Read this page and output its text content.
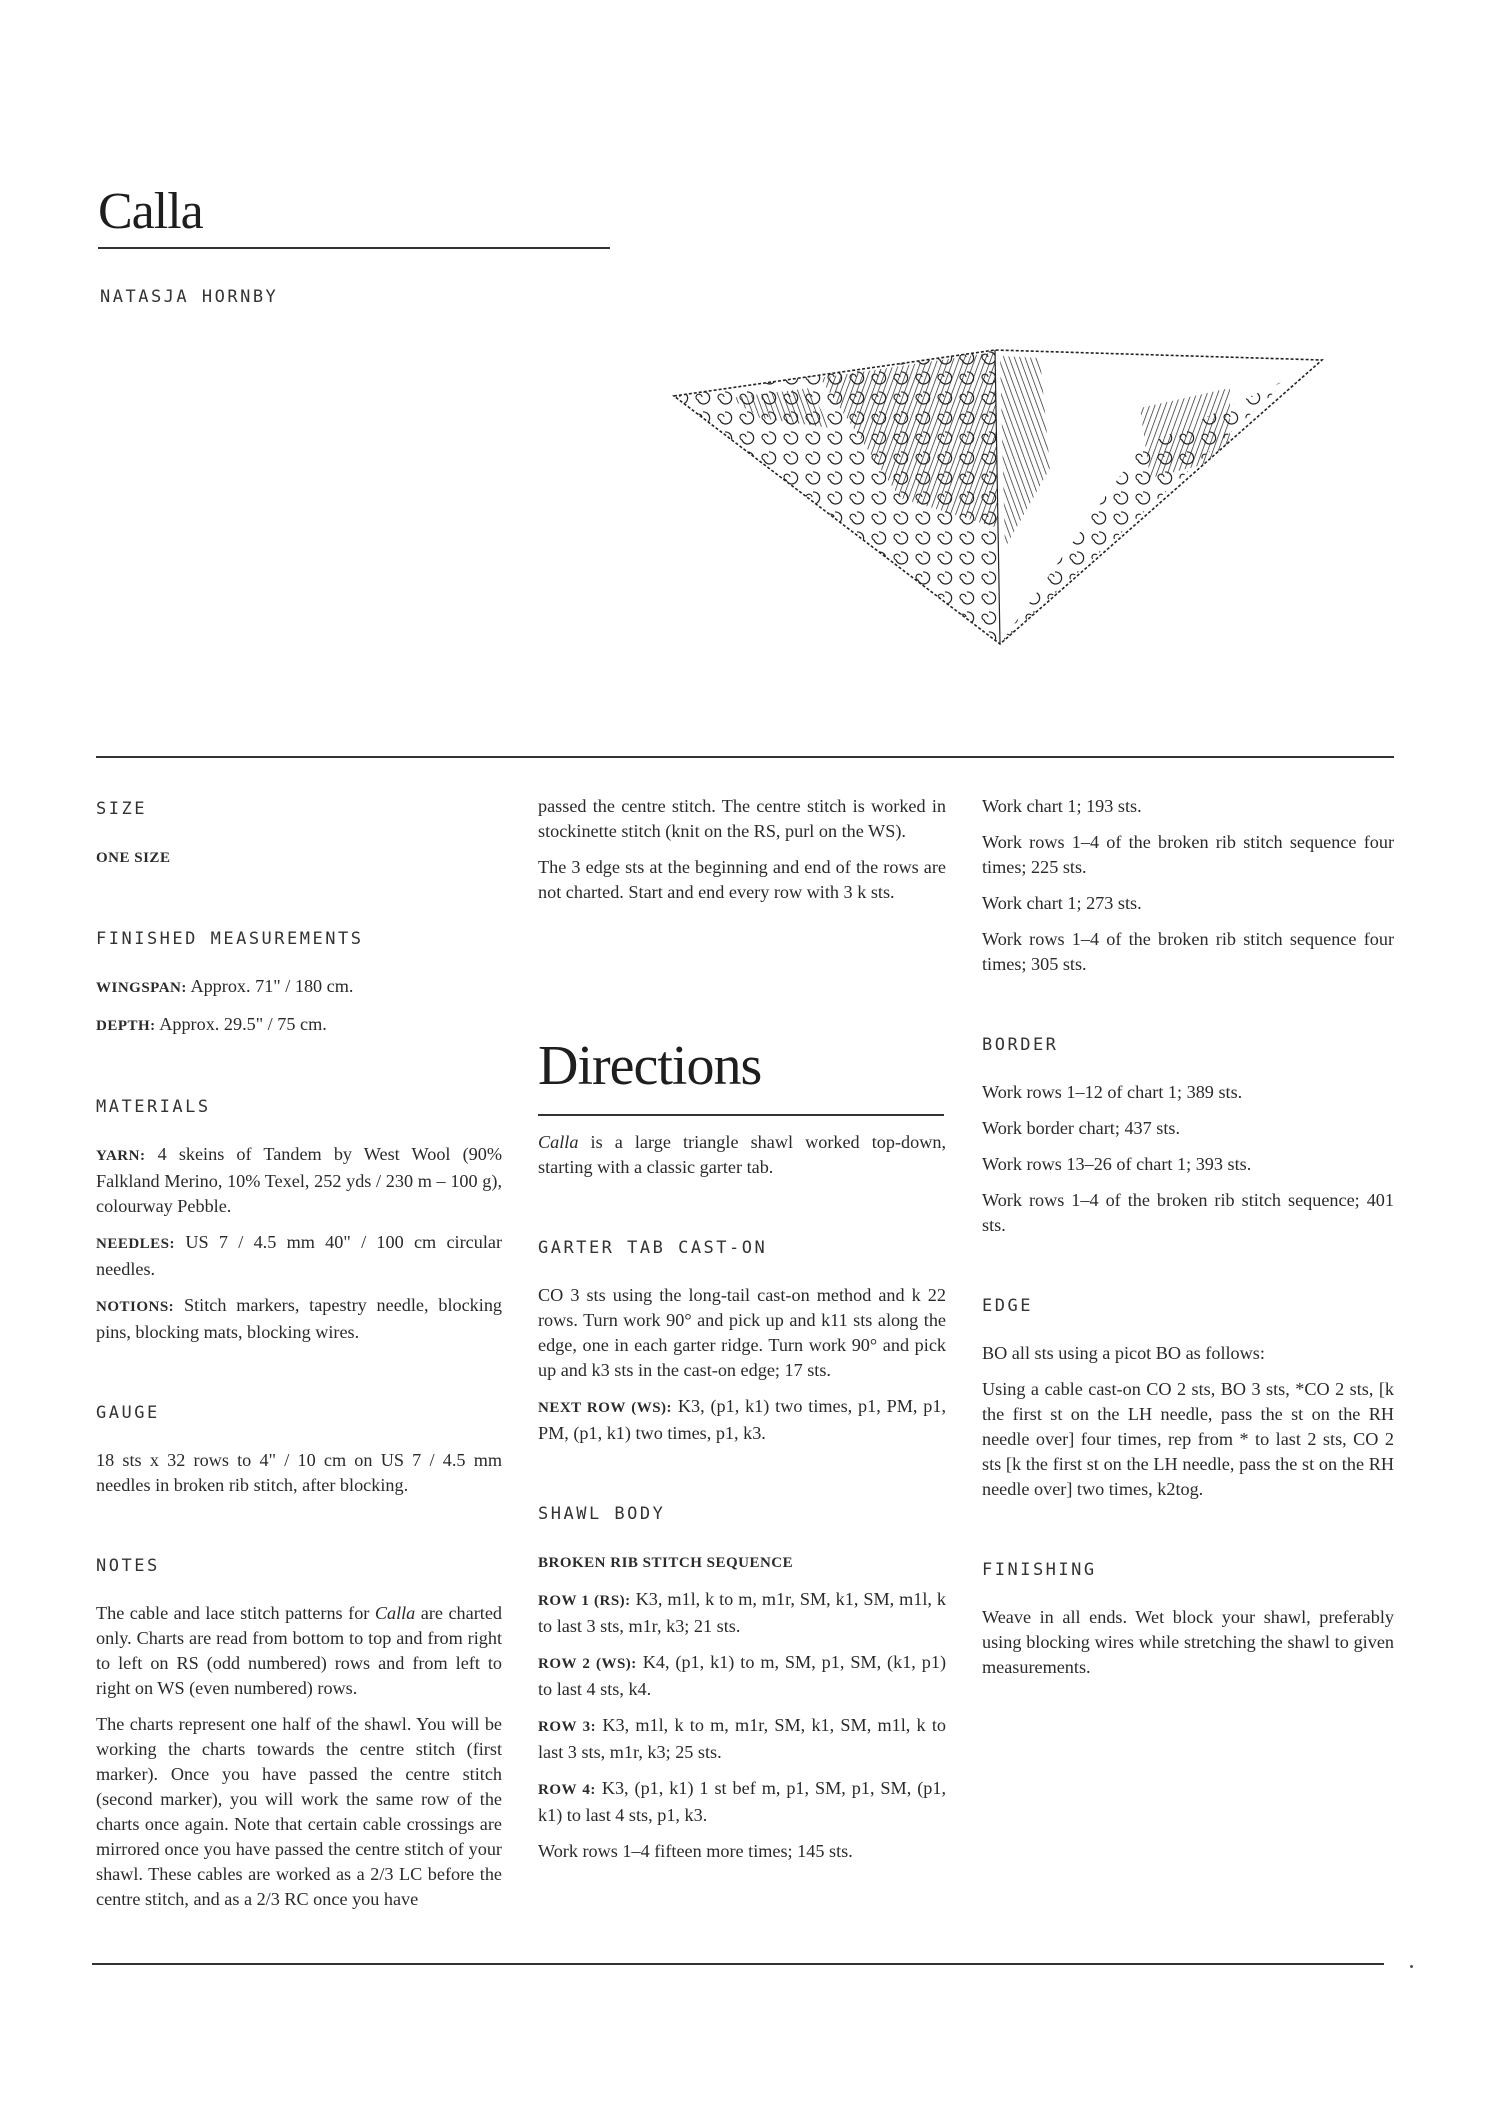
Calla
NATASJA HORNBY
SIZE

ONE SIZE

FINISHED MEASUREMENTS

WINGSPAN: Approx. 71" / 180 cm.

DEPTH: Approx. 29.5" / 75 cm.

MATERIALS

YARN: 4 skeins of Tandem by West Wool (90% Falkland Merino, 10% Texel, 252 yds / 230 m – 100 g), colourway Pebble.

NEEDLES: US 7 / 4.5 mm 40" / 100 cm circular needles.

NOTIONS: Stitch markers, tapestry needle, blocking pins, blocking mats, blocking wires.

GAUGE

18 sts x 32 rows to 4" / 10 cm on US 7 / 4.5 mm needles in broken rib stitch, after blocking.

NOTES

The cable and lace stitch patterns for Calla are charted only. Charts are read from bottom to top and from right to left on RS (odd numbered) rows and from left to right on WS (even numbered) rows.

The charts represent one half of the shawl. You will be working the charts towards the centre stitch (first marker). Once you have passed the centre stitch (second marker), you will work the same row of the charts once again. Note that certain cable crossings are mirrored once you have passed the centre stitch of your shawl. These cables are worked as a 2/3 LC before the centre stitch, and as a 2/3 RC once you have

passed the centre stitch. The centre stitch is worked in stockinette stitch (knit on the RS, purl on the WS).

The 3 edge sts at the beginning and end of the rows are not charted. Start and end every row with 3 k sts.

Directions

Calla is a large triangle shawl worked top-down, starting with a classic garter tab.

GARTER TAB CAST-ON

CO 3 sts using the long-tail cast-on method and k 22 rows. Turn work 90° and pick up and k11 sts along the edge, one in each garter ridge. Turn work 90° and pick up and k3 sts in the cast-on edge; 17 sts.

NEXT ROW (WS): K3, (p1, k1) two times, p1, PM, p1, PM, (p1, k1) two times, p1, k3.

SHAWL BODY

BROKEN RIB STITCH SEQUENCE

ROW 1 (RS): K3, m1l, k to m, m1r, SM, k1, SM, m1l, k to last 3 sts, m1r, k3; 21 sts.

ROW 2 (WS): K4, (p1, k1) to m, SM, p1, SM, (k1, p1) to last 4 sts, k4.

ROW 3: K3, m1l, k to m, m1r, SM, k1, SM, m1l, k to last 3 sts, m1r, k3; 25 sts.

ROW 4: K3, (p1, k1) 1 st bef m, p1, SM, p1, SM, (p1, k1) to last 4 sts, p1, k3.

Work rows 1–4 fifteen more times; 145 sts.

Work chart 1; 193 sts.

Work rows 1–4 of the broken rib stitch sequence four times; 225 sts.

Work chart 1; 273 sts.

Work rows 1–4 of the broken rib stitch sequence four times; 305 sts.

BORDER

Work rows 1–12 of chart 1; 389 sts.

Work border chart; 437 sts.

Work rows 13–26 of chart 1; 393 sts.

Work rows 1–4 of the broken rib stitch sequence; 401 sts.

EDGE

BO all sts using a picot BO as follows:

Using a cable cast-on CO 2 sts, BO 3 sts, *CO 2 sts, [k the first st on the LH needle, pass the st on the RH needle over] four times, rep from * to last 2 sts, CO 2 sts [k the first st on the LH needle, pass the st on the RH needle over] two times, k2tog.

FINISHING

Weave in all ends. Wet block your shawl, preferably using blocking wires while stretching the shawl to given measurements.
